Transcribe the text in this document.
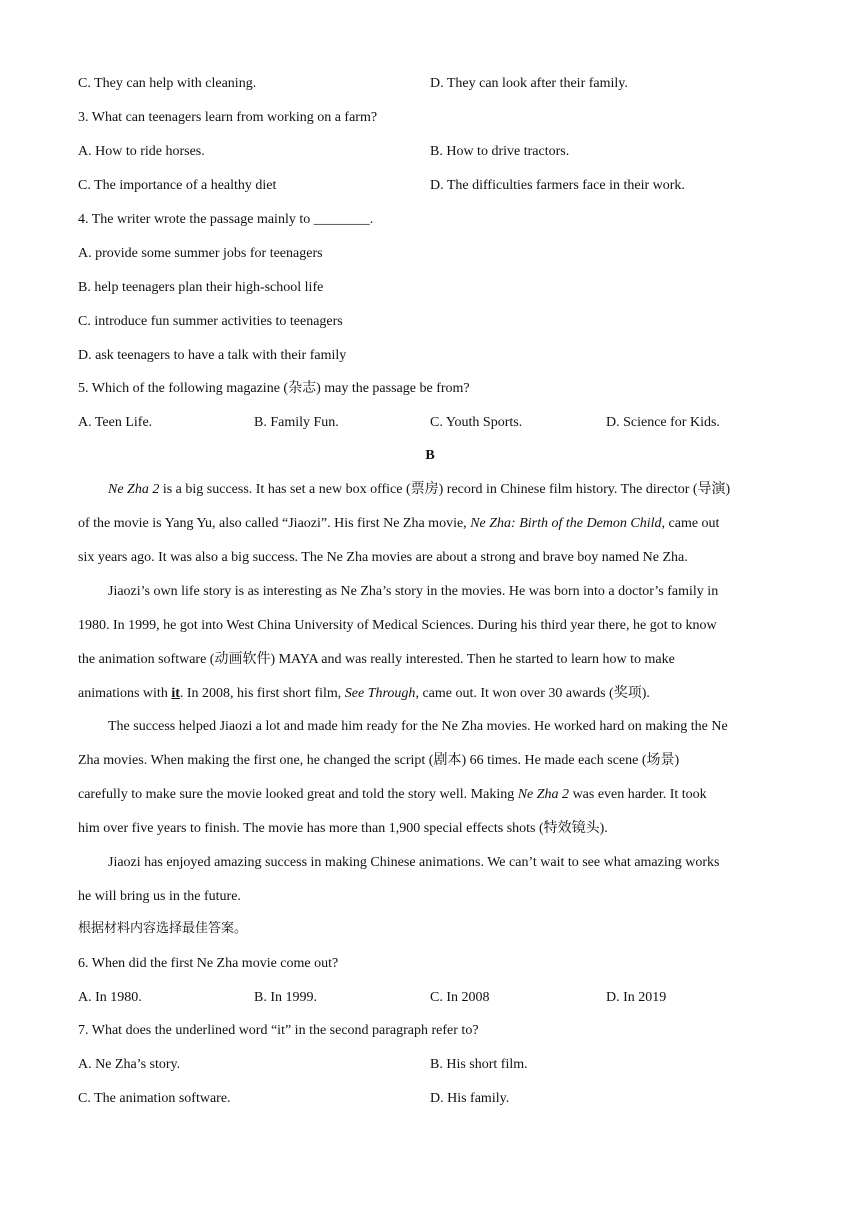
C. They can help with cleaning.	D. They can look after their family.
3. What can teenagers learn from working on a farm?
A. How to ride horses.	B. How to drive tractors.
C. The importance of a healthy diet	D. The difficulties farmers face in their work.
4. The writer wrote the passage mainly to ________.
A. provide some summer jobs for teenagers
B. help teenagers plan their high-school life
C. introduce fun summer activities to teenagers
D. ask teenagers to have a talk with their family
5. Which of the following magazine (杂志) may the passage be from?
A. Teen Life.	B. Family Fun.	C. Youth Sports.	D. Science for Kids.
B
Ne Zha 2 is a big success. It has set a new box office (票房) record in Chinese film history. The director (导演)
of the movie is Yang Yu, also called “Jiaozi”. His first Ne Zha movie, Ne Zha: Birth of the Demon Child, came out
six years ago. It was also a big success. The Ne Zha movies are about a strong and brave boy named Ne Zha.
Jiaozi’s own life story is as interesting as Ne Zha’s story in the movies. He was born into a doctor’s family in
1980. In 1999, he got into West China University of Medical Sciences. During his third year there, he got to know
the animation software (动画软件) MAYA and was really interested. Then he started to learn how to make
animations with it. In 2008, his first short film, See Through, came out. It won over 30 awards (奖项).
The success helped Jiaozi a lot and made him ready for the Ne Zha movies. He worked hard on making the Ne
Zha movies. When making the first one, he changed the script (剧本) 66 times. He made each scene (场景)
carefully to make sure the movie looked great and told the story well. Making Ne Zha 2 was even harder. It took
him over five years to finish. The movie has more than 1,900 special effects shots (特效镜头).
Jiaozi has enjoyed amazing success in making Chinese animations. We can’t wait to see what amazing works
he will bring us in the future.
根据材料内容选择最佳答案。
6. When did the first Ne Zha movie come out?
A. In 1980.	B. In 1999.	C. In 2008	D. In 2019
7. What does the underlined word “it” in the second paragraph refer to?
A. Ne Zha’s story.	B. His short film.
C. The animation software.	D. His family.
